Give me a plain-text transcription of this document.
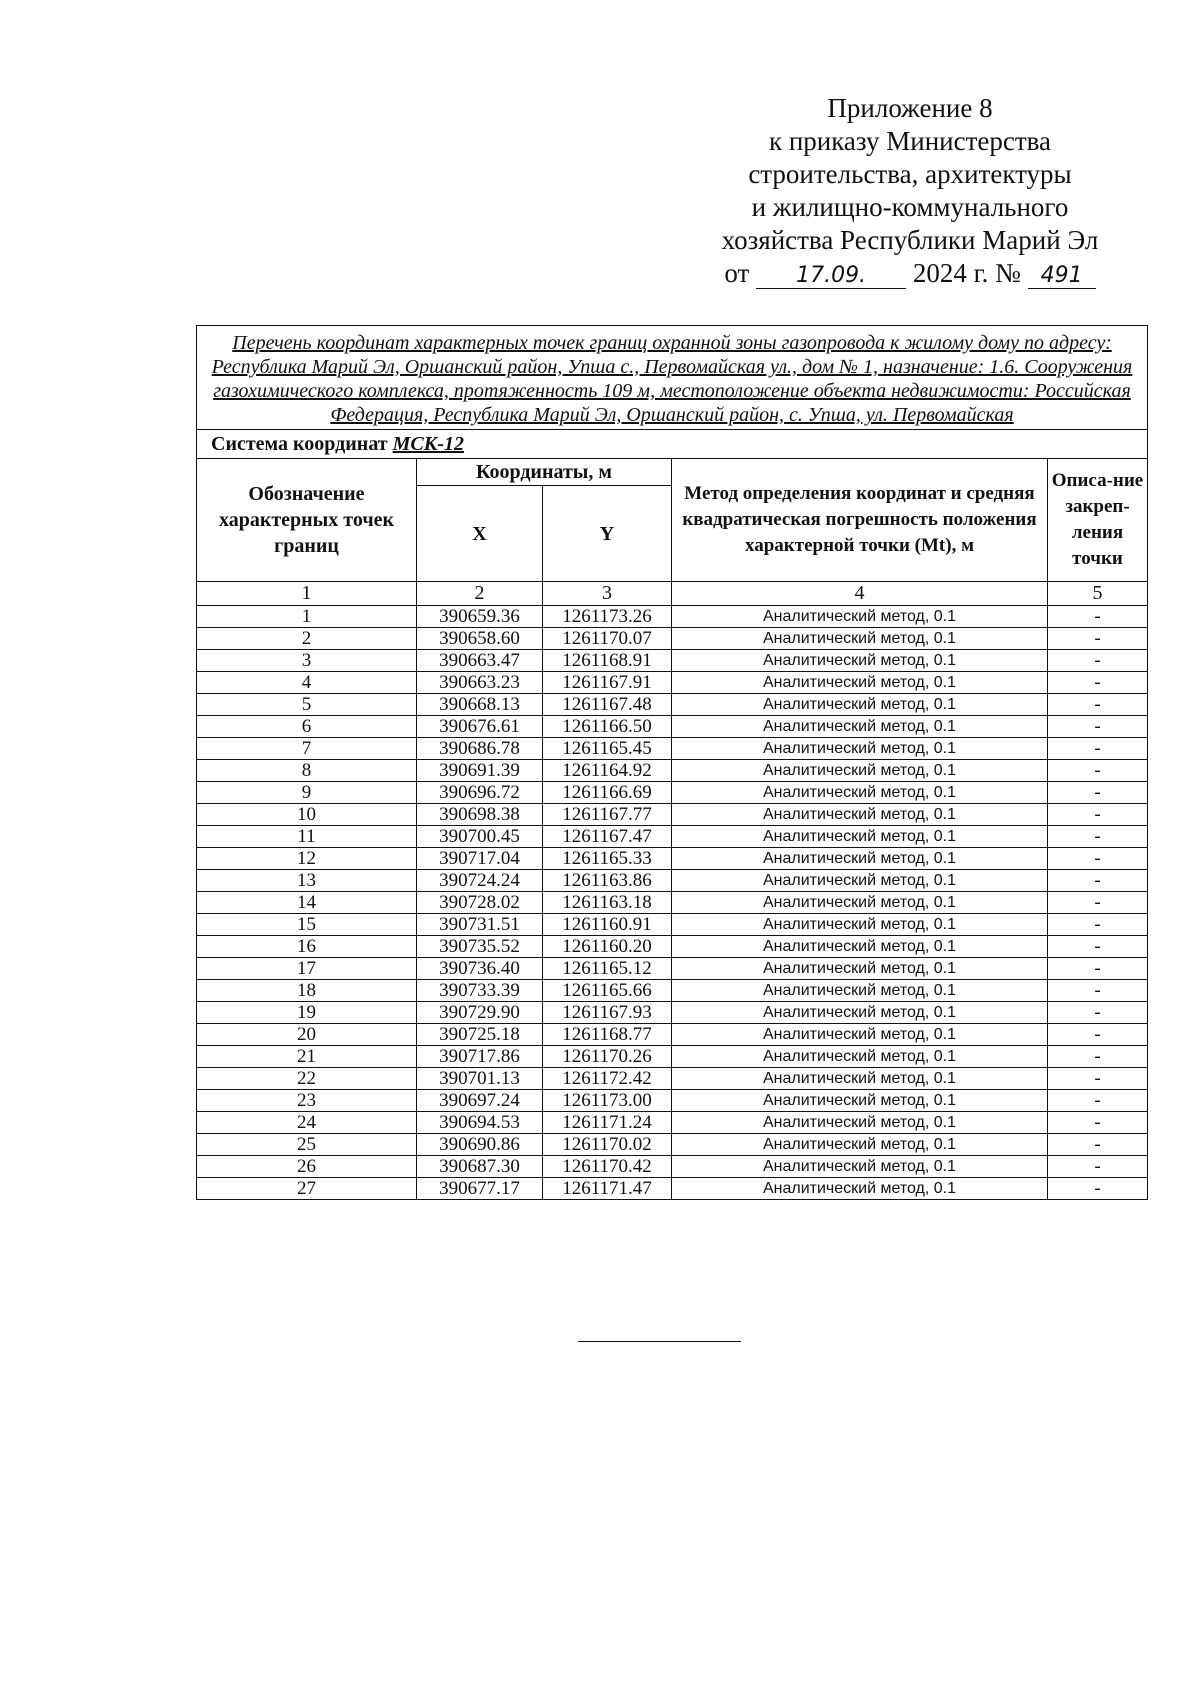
Приложение 8
к приказу Министерства
строительства, архитектуры
и жилищно-коммунального
хозяйства Республики Марий Эл
от 17.09. 2024 г. № 491
Перечень координат характерных точек границ охранной зоны газопровода к жилому дому по адресу: Республика Марий Эл, Оршанский район, Упша с., Первомайская ул., дом № 1, назначение: 1.6. Сооружения газохимического комплекса, протяженность 109 м, местоположение объекта недвижимости: Российская Федерация, Республика Марий Эл, Оршанский район, с. Упша, ул. Первомайская				
Система координат МСК-12				
Обозначение характерных точек границ	Координаты, м		Метод определения координат и средняя квадратическая погрешность положения характерной точки (Mt), м	Описа-ние закреп-ления точки
	X	Y		
1	2	3	4	5
1	390659.36	1261173.26	Аналитический метод, 0.1	-
2	390658.60	1261170.07	Аналитический метод, 0.1	-
3	390663.47	1261168.91	Аналитический метод, 0.1	-
4	390663.23	1261167.91	Аналитический метод, 0.1	-
5	390668.13	1261167.48	Аналитический метод, 0.1	-
6	390676.61	1261166.50	Аналитический метод, 0.1	-
7	390686.78	1261165.45	Аналитический метод, 0.1	-
8	390691.39	1261164.92	Аналитический метод, 0.1	-
9	390696.72	1261166.69	Аналитический метод, 0.1	-
10	390698.38	1261167.77	Аналитический метод, 0.1	-
11	390700.45	1261167.47	Аналитический метод, 0.1	-
12	390717.04	1261165.33	Аналитический метод, 0.1	-
13	390724.24	1261163.86	Аналитический метод, 0.1	-
14	390728.02	1261163.18	Аналитический метод, 0.1	-
15	390731.51	1261160.91	Аналитический метод, 0.1	-
16	390735.52	1261160.20	Аналитический метод, 0.1	-
17	390736.40	1261165.12	Аналитический метод, 0.1	-
18	390733.39	1261165.66	Аналитический метод, 0.1	-
19	390729.90	1261167.93	Аналитический метод, 0.1	-
20	390725.18	1261168.77	Аналитический метод, 0.1	-
21	390717.86	1261170.26	Аналитический метод, 0.1	-
22	390701.13	1261172.42	Аналитический метод, 0.1	-
23	390697.24	1261173.00	Аналитический метод, 0.1	-
24	390694.53	1261171.24	Аналитический метод, 0.1	-
25	390690.86	1261170.02	Аналитический метод, 0.1	-
26	390687.30	1261170.42	Аналитический метод, 0.1	-
27	390677.17	1261171.47	Аналитический метод, 0.1	-
